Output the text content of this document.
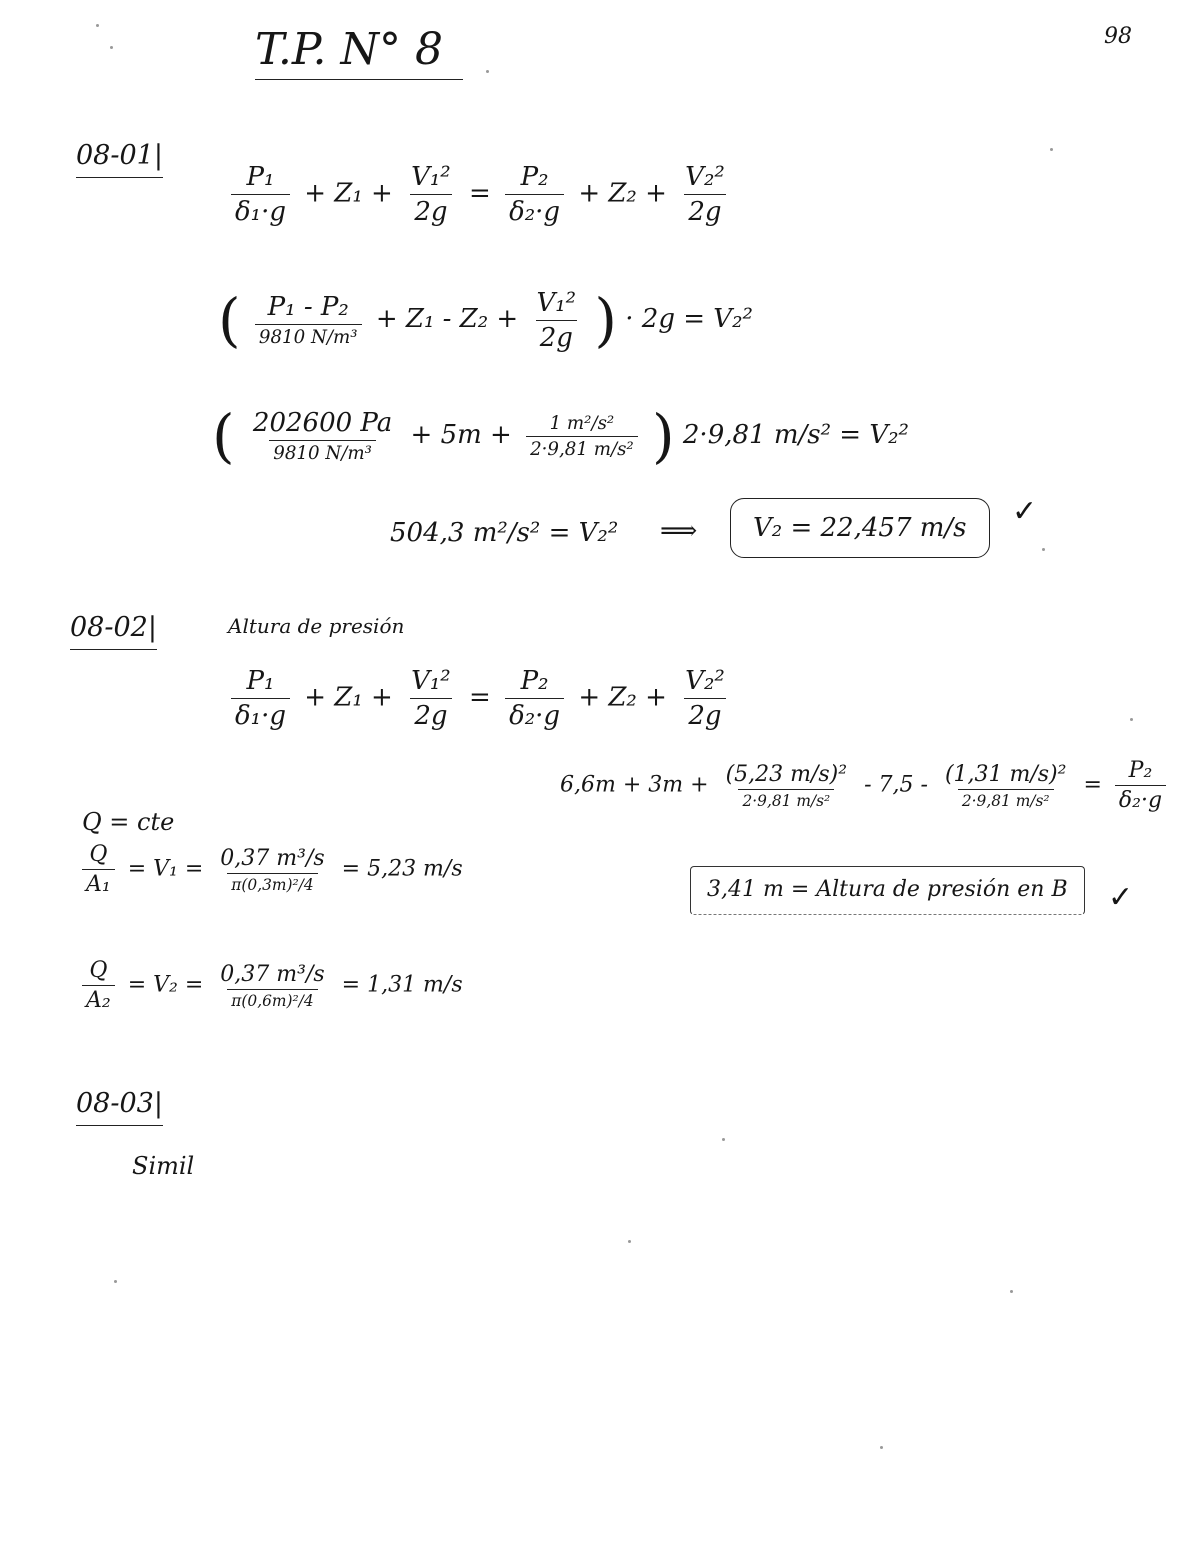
T.P. N° 8	98
08-01|
$\frac{\text{P₁}}{\text{δ₁·g}} + Z_1 + \frac{\text{V₁²}}{2g} = \frac{\text{P₂}}{\text{δ₂·g}} + Z_2 + \frac{\text{V₂²}}{2g}$
( $\frac{\text{P₁ - P₂}}{\text{9810 N/m³}} + Z_1 - Z_2 + \frac{\text{V₁²}}{2g}$ ) · 2g = V₂²
( $\frac{202600 Pa}{\text{9810 N/m³}} + 5m + \frac{\text{1 m²/s²}}{\text{2·9,81 m/s²}}$ ) 2·9,81 m/s² = V₂²
504,3 m²/s² = V₂² ⟹	V₂ = 22,457 m/s	✓
08-02|	Altura de presión
$\frac{\text{P₁}}{\text{δ₁·g}} + Z_1 + \frac{\text{V₁²}}{2g} = \frac{\text{P₂}}{\text{δ₂·g}} + Z_2 + \frac{\text{V₂²}}{2g}$
Q = cte
$\frac{Q}{\text{A₁}} = V_1 = \frac{\text{0,37 m³/s}}{\text{π(0,3m)²/4}} = 5,23$ m/s
$\frac{Q}{\text{A₂}} = V_2 = \frac{\text{0,37 m³/s}}{\text{π(0,6m)²/4}} = 1,31$ m/s
$6,6m + 3m + \frac{\text{(5,23 m/s)²}}{\text{2·9,81 m/s²}} - 7,5 - \frac{\text{(1,31 m/s)²}}{\text{2·9,81 m/s²}} = \frac{\text{P₂}}{\text{δ₂·g}}$
3,41 m = Altura de presión en B	✓
08-03|
Simil
